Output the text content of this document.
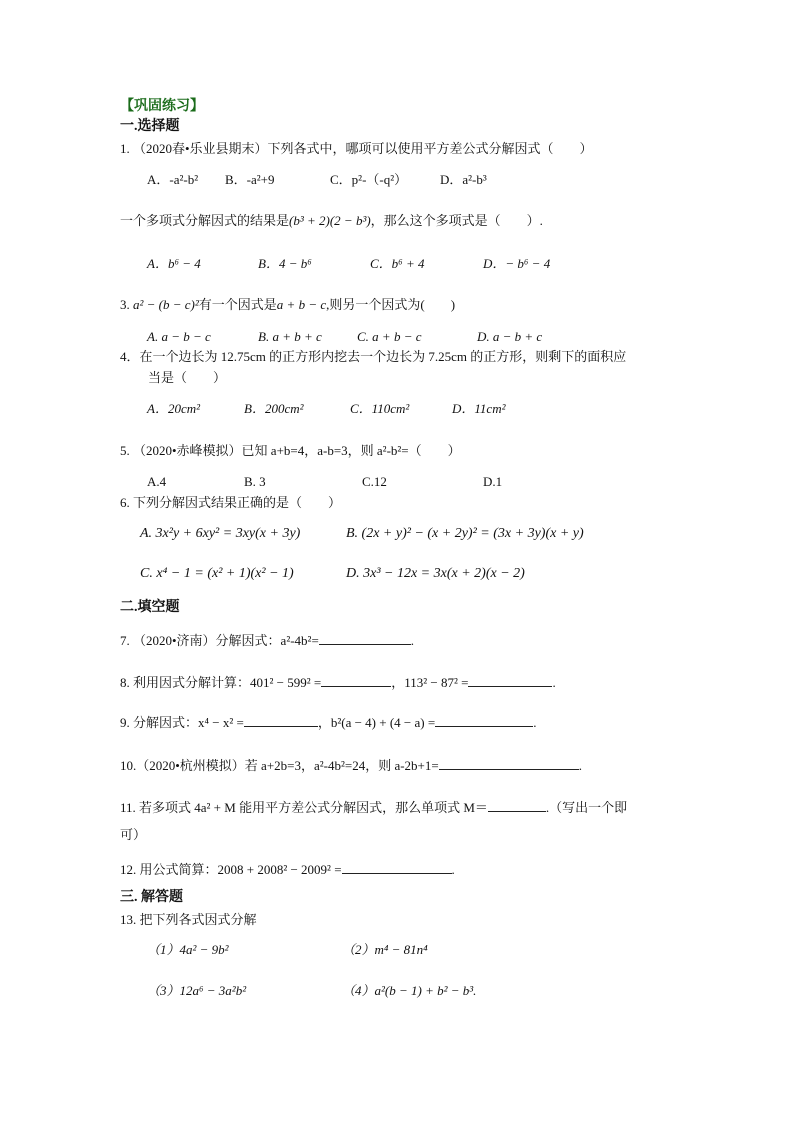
【巩固练习】
一.选择题
1. （2020春•乐业县期末）下列各式中，哪项可以使用平方差公式分解因式（　　）
A．-a²-b² B．-a²+9	C．p²-（-q²）	D．a²-b³
一个多项式分解因式的结果是(b³ + 2)(2 − b³)，那么这个多项式是（　　）.
A．b⁶ − 4	B．4 − b⁶	C．b⁶ + 4	D．− b⁶ − 4
3. a² − (b − c)²有一个因式是a + b − c,则另一个因式为(　　)
A. a − b − c	B. a + b + c	C. a + b − c	D. a − b + c
4．在一个边长为 12.75cm 的正方形内挖去一个边长为 7.25cm 的正方形，则剩下的面积应
当是（　　）
A．20cm²	B．200cm²	C．110cm²	D．11cm²
5. （2020•赤峰模拟）已知 a+b=4，a-b=3，则 a²-b²=（　　）
A.4	B. 3	C.12	D.1
6. 下列分解因式结果正确的是（　　）
A. 3x²y + 6xy² = 3xy(x + 3y)	B. (2x + y)² − (x + 2y)² = (3x + 3y)(x + y)
C. x⁴ − 1 = (x² + 1)(x² − 1)	D. 3x³ − 12x = 3x(x + 2)(x − 2)
二.填空题
7. （2020•济南）分解因式：a²-4b²=	.
8. 利用因式分解计算：401² − 599² =	，113² − 87² =	.
9. 分解因式：x⁴ − x² =	，b²(a − 4) + (4 − a) =	.
10.（2020•杭州模拟）若 a+2b=3，a²-4b²=24，则 a-2b+1=	.
11. 若多项式 4a² + M 能用平方差公式分解因式，那么单项式 M＝	.（写出一个即
可）
12. 用公式简算：2008 + 2008² − 2009² =	.
三. 解答题
13. 把下列各式因式分解
（1）4a² − 9b²	（2）m⁴ − 81n⁴
（3）12a⁶ − 3a²b²	（4）a²(b − 1) + b² − b³.
